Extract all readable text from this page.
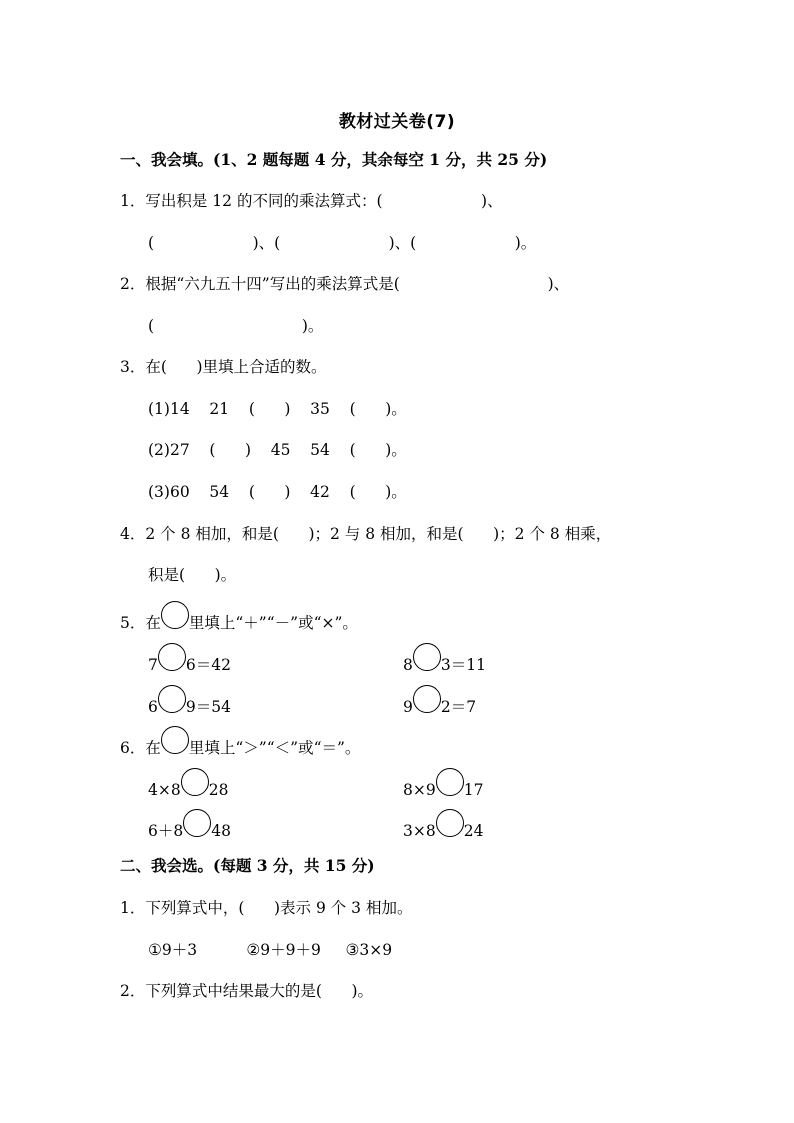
教材过关卷(7)
一、我会填。(1、2 题每题 4 分，其余每空 1 分，共 25 分)
1．写出积是 12 的不同的乘法算式：(                    )、
(                    )、(                      )、(                    )。
2．根据“六九五十四”写出的乘法算式是(                              )、
(                              )。
3．在(      )里填上合适的数。
(1)14    21    (      )    35    (      )。
(2)27    (      )    45    54    (      )。
(3)60    54    (      )    42    (      )。
4．2 个 8 相加，和是(      )；2 与 8 相加，和是(      )；2 个 8 相乘，
积是(      )。
5．在 里填上“＋”“－”或“×”。
7 6＝42	8 3＝11
6 9＝54	9 2＝7
6．在 里填上“＞”“＜”或“＝”。
4×8 28	8×9 17
6＋8 48	3×8 24
二、我会选。(每题 3 分，共 15 分)
1．下列算式中，(      )表示 9 个 3 相加。
①9＋3          ②9＋9＋9     ③3×9
2．下列算式中结果最大的是(      )。
